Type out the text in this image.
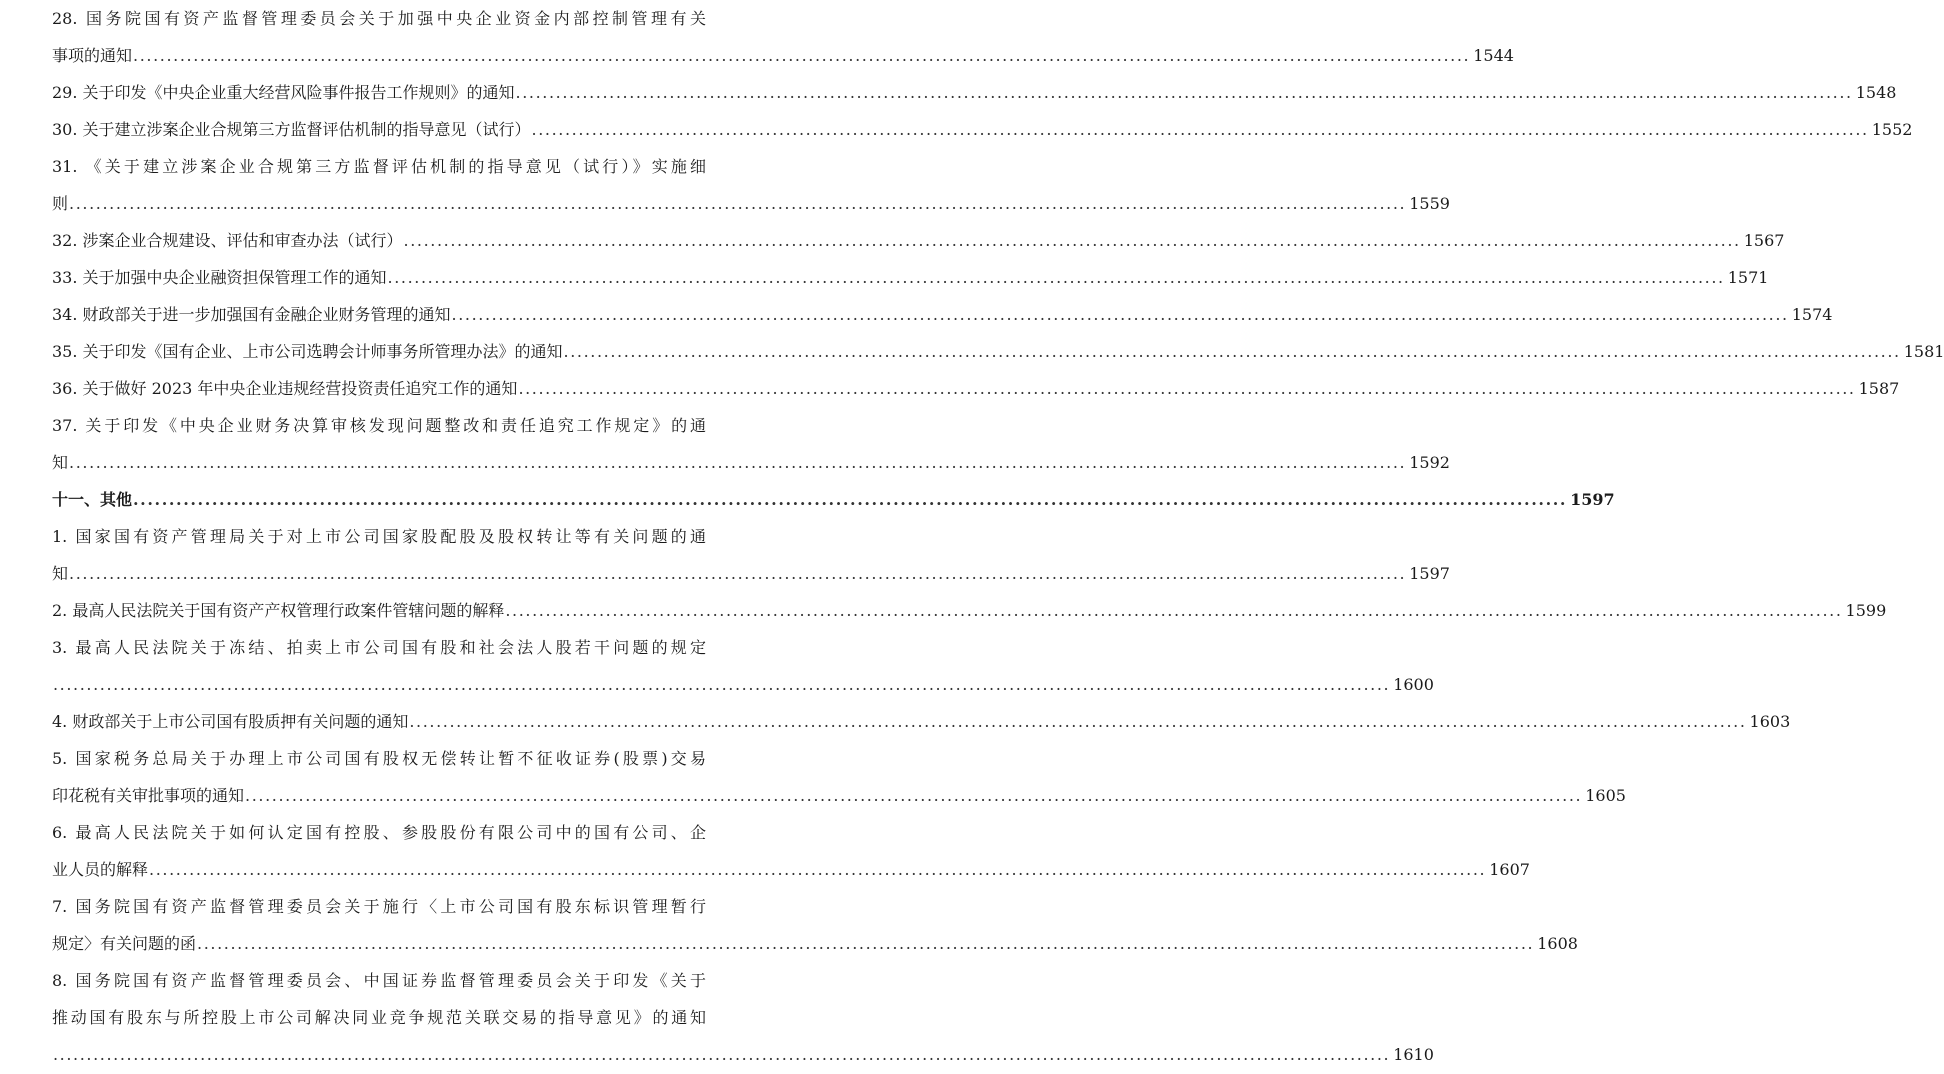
28. 国务院国有资产监督管理委员会关于加强中央企业资金内部控制管理有关
事项的通知 ........................................................................................................................................................................................................ 1544
29. 关于印发《中央企业重大经营风险事件报告工作规则》的通知 ........................................................................................................................................................................................................ 1548
30. 关于建立涉案企业合规第三方监督评估机制的指导意见（试行） ........................................................................................................................................................................................................ 1552
31. 《关于建立涉案企业合规第三方监督评估机制的指导意见（试行）》实施细
则 ........................................................................................................................................................................................................ 1559
32. 涉案企业合规建设、评估和审查办法（试行） ........................................................................................................................................................................................................ 1567
33. 关于加强中央企业融资担保管理工作的通知 ........................................................................................................................................................................................................ 1571
34. 财政部关于进一步加强国有金融企业财务管理的通知 ........................................................................................................................................................................................................ 1574
35. 关于印发《国有企业、上市公司选聘会计师事务所管理办法》的通知 ........................................................................................................................................................................................................ 1581
36. 关于做好 2023 年中央企业违规经营投资责任追究工作的通知 ........................................................................................................................................................................................................ 1587
37. 关于印发《中央企业财务决算审核发现问题整改和责任追究工作规定》的通
知 ........................................................................................................................................................................................................ 1592
十一、其他 ........................................................................................................................................................................................................ 1597
1. 国家国有资产管理局关于对上市公司国家股配股及股权转让等有关问题的通
知 ........................................................................................................................................................................................................ 1597
2. 最高人民法院关于国有资产产权管理行政案件管辖问题的解释 ........................................................................................................................................................................................................ 1599
3. 最高人民法院关于冻结、拍卖上市公司国有股和社会法人股若干问题的规定
........................................................................................................................................................................................................ 1600
4. 财政部关于上市公司国有股质押有关问题的通知 ........................................................................................................................................................................................................ 1603
5. 国家税务总局关于办理上市公司国有股权无偿转让暂不征收证券(股票)交易
印花税有关审批事项的通知 ........................................................................................................................................................................................................ 1605
6. 最高人民法院关于如何认定国有控股、参股股份有限公司中的国有公司、企
业人员的解释 ........................................................................................................................................................................................................ 1607
7. 国务院国有资产监督管理委员会关于施行〈上市公司国有股东标识管理暂行
规定〉有关问题的函 ........................................................................................................................................................................................................ 1608
8. 国务院国有资产监督管理委员会、中国证券监督管理委员会关于印发《关于
推动国有股东与所控股上市公司解决同业竞争规范关联交易的指导意见》的通知
........................................................................................................................................................................................................ 1610
